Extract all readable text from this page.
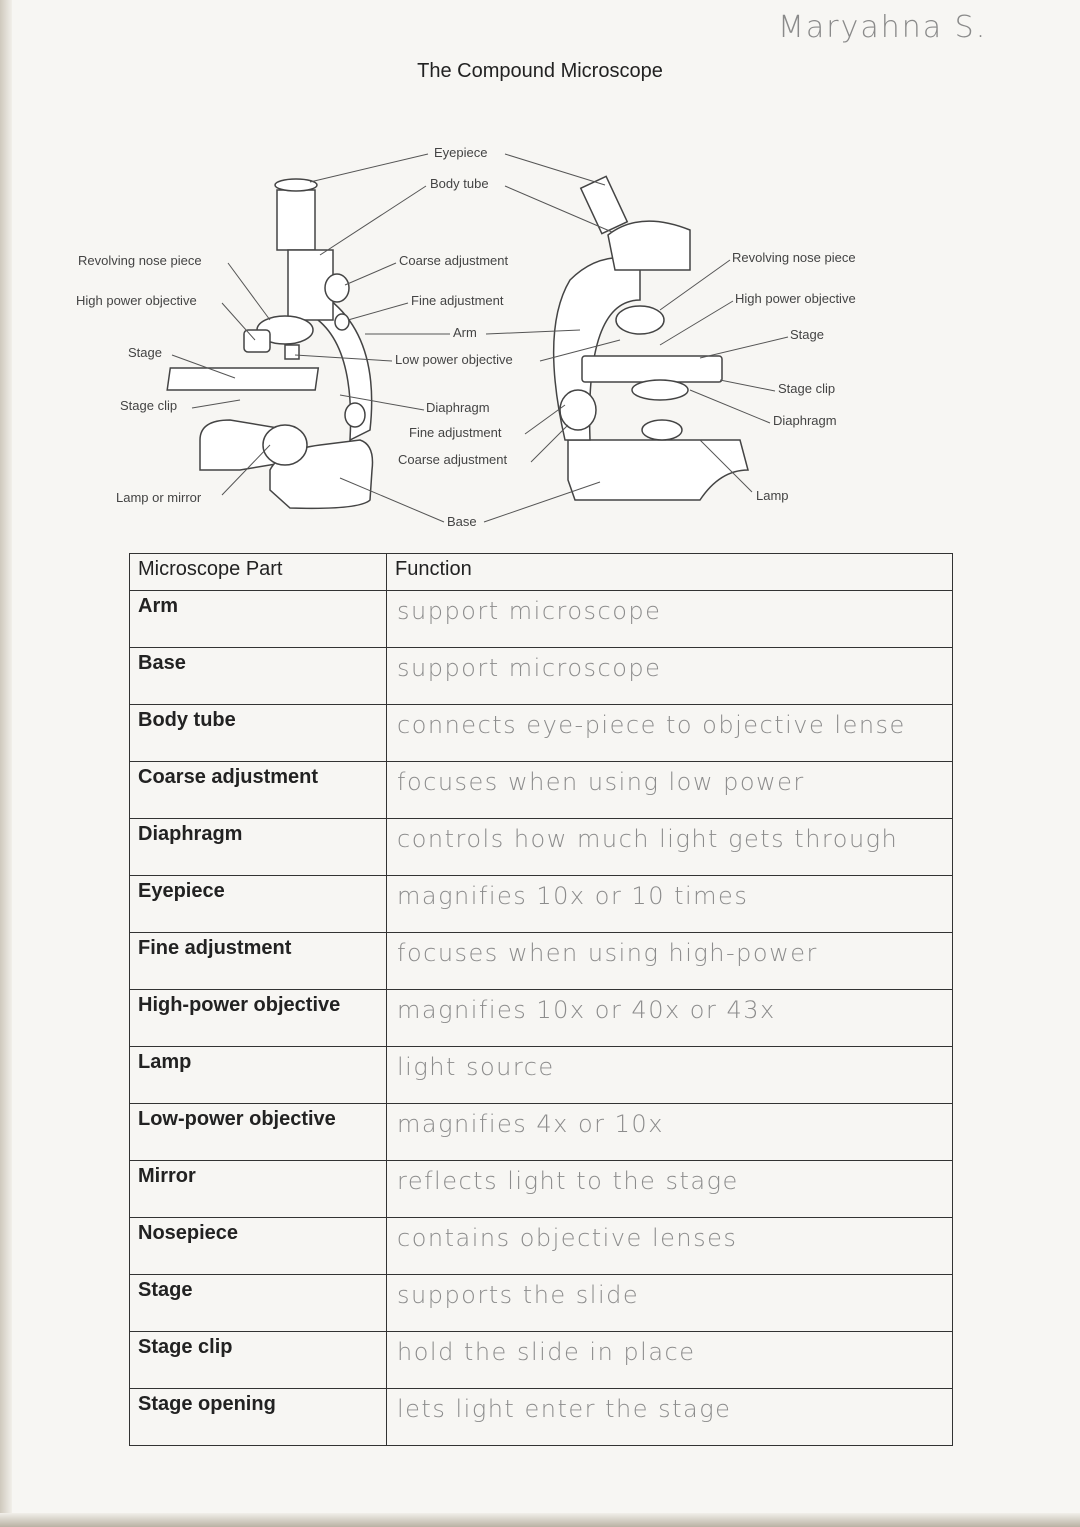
Maryahna S.
The Compound Microscope
Revolving nose piece
High power objective
Stage
Stage clip
Lamp or mirror
Eyepiece
Body tube
Coarse adjustment
Fine adjustment
Arm
Low power objective
Diaphragm
Fine adjustment
Coarse adjustment
Base
Revolving nose piece
High power objective
Stage
Stage clip
Diaphragm
Lamp
Microscope Part	Function
Arm	support microscope
Base	support microscope
Body tube	connects eye-piece to objective lense
Coarse adjustment	focuses when using low power
Diaphragm	controls how much light gets through
Eyepiece	magnifies 10x or 10 times
Fine adjustment	focuses when using high-power
High-power objective	magnifies 10x or 40x or 43x
Lamp	light source
Low-power objective	magnifies 4x or 10x
Mirror	reflects light to the stage
Nosepiece	contains objective lenses
Stage	supports the slide
Stage clip	hold the slide in place
Stage opening	lets light enter the stage
